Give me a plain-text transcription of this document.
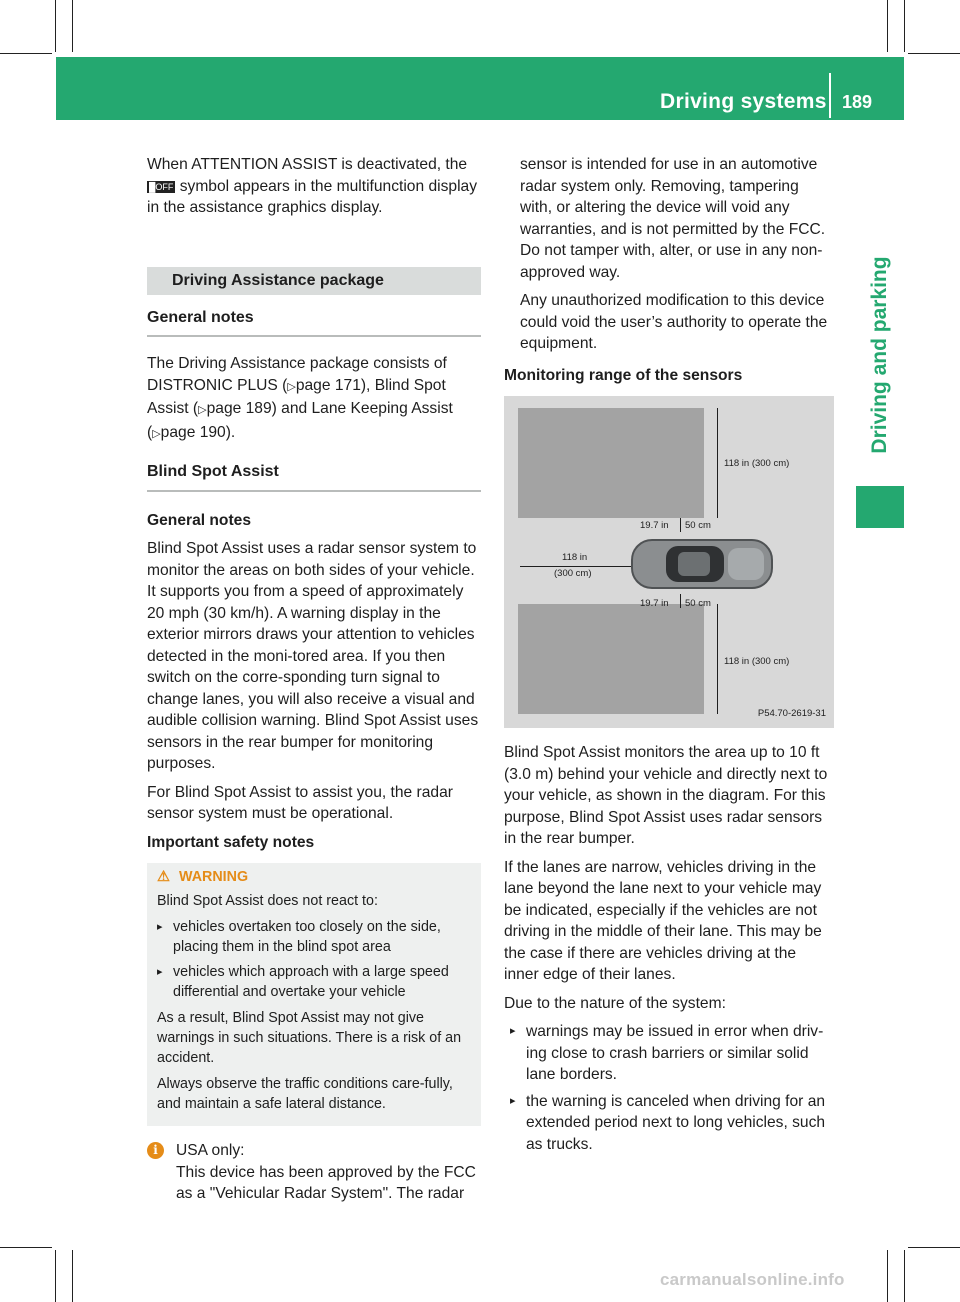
Driving systems 189
Driving and parking

When ATTENTION ASSIST is deactivated, the
█OFF symbol appears in the multifunction display in the assistance graphics display.

Driving Assistance package
General notes

The Driving Assistance package consists of DISTRONIC PLUS (▷page 171), Blind Spot Assist (▷page 189) and Lane Keeping Assist (▷page 190).

Blind Spot Assist
General notes

Blind Spot Assist uses a radar sensor system to monitor the areas on both sides of your vehicle. It supports you from a speed of approximately 20 mph (30 km/h). A warning display in the exterior mirrors draws your attention to vehicles detected in the moni-tored area. If you then switch on the corre-sponding turn signal to change lanes, you will also receive a visual and audible collision warning. Blind Spot Assist uses sensors in the rear bumper for monitoring purposes.

For Blind Spot Assist to assist you, the radar sensor system must be operational.

Important safety notes
⚠ WARNING

Blind Spot Assist does not react to:

▸ vehicles overtaken too closely on the side, placing them in the blind spot area
▸ vehicles which approach with a large speed differential and overtake your vehicle

As a result, Blind Spot Assist may not give warnings in such situations. There is a risk of an accident.

Always observe the traffic conditions care-fully, and maintain a safe lateral distance.

i	USA only:
This device has been approved by the FCC as a "Vehicular Radar System". The radar

sensor is intended for use in an automotive radar system only. Removing, tampering with, or altering the device will void any warranties, and is not permitted by the FCC. Do not tamper with, alter, or use in any non-approved way.

Any unauthorized modification to this device could void the user’s authority to operate the equipment.

Monitoring range of the sensors
118 in (300 cm)
19.7 in 50 cm
118 in
(300 cm)
19.7 in 50 cm
118 in (300 cm)
P54.70-2619-31

Blind Spot Assist monitors the area up to 10 ft (3.0 m) behind your vehicle and directly next to your vehicle, as shown in the diagram. For this purpose, Blind Spot Assist uses radar sensors in the rear bumper.

If the lanes are narrow, vehicles driving in the lane beyond the lane next to your vehicle may be indicated, especially if the vehicles are not driving in the middle of their lane. This may be the case if there are vehicles driving at the inner edge of their lanes.

Due to the nature of the system:

▸ warnings may be issued in error when driv-ing close to crash barriers or similar solid lane borders.
▸ the warning is canceled when driving for an extended period next to long vehicles, such as trucks.
carmanualsonline.info
